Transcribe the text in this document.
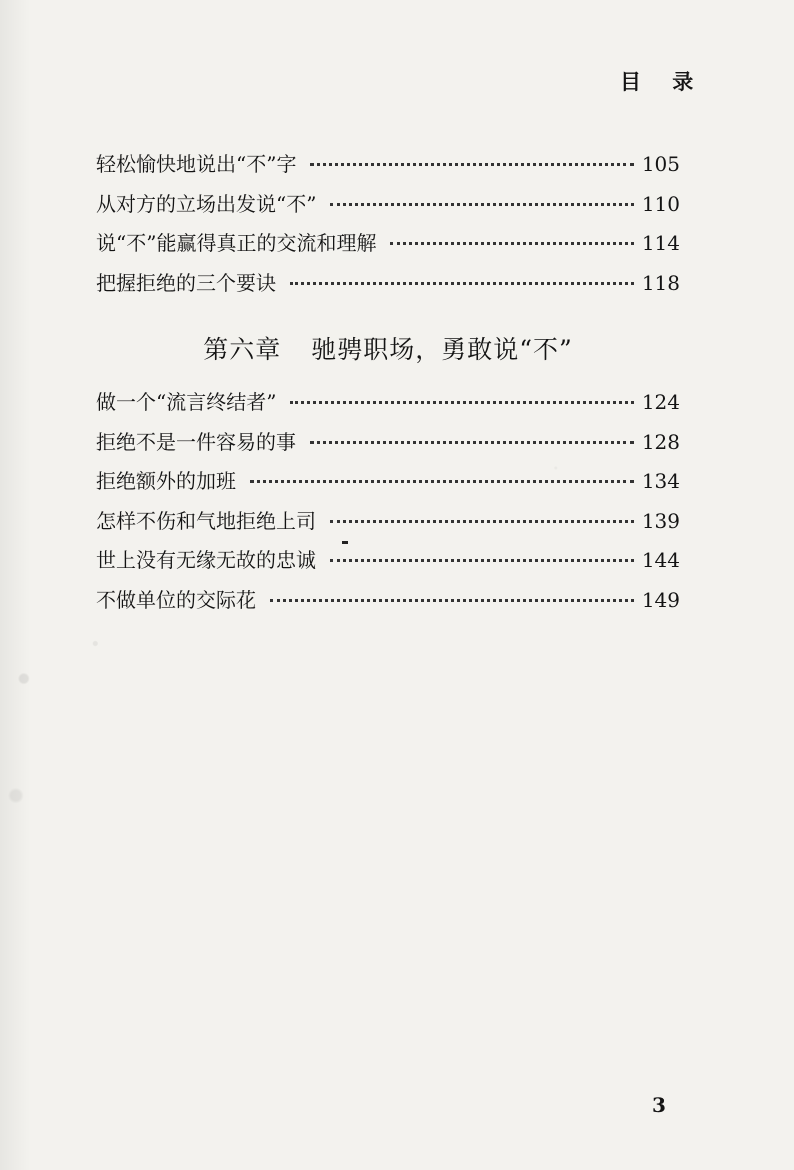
目 录
轻松愉快地说出“不”字	105
从对方的立场出发说“不”	110
说“不”能赢得真正的交流和理解	114
把握拒绝的三个要诀	118
第六章 驰骋职场，勇敢说“不”
做一个“流言终结者”	124
拒绝不是一件容易的事	128
拒绝额外的加班	134
怎样不伤和气地拒绝上司	139
世上没有无缘无故的忠诚	144
不做单位的交际花	149
3
